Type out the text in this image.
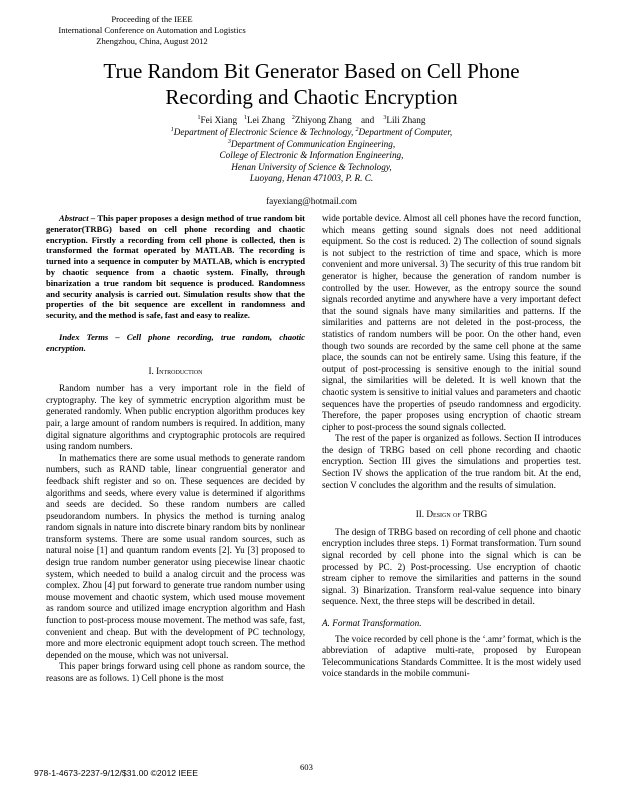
Proceeding of the IEEE
International Conference on Automation and Logistics
Zhengzhou, China, August 2012
True Random Bit Generator Based on Cell Phone
Recording and Chaotic Encryption
$^1$Fei Xiang $^1$Lei Zhang $^2$Zhiyong Zhang and $^3$Lili Zhang
$^1$Department of Electronic Science & Technology, $^2$Department of Computer,
$^3$Department of Communication Engineering,
College of Electronic & Information Engineering,
Henan University of Science & Technology,
Luoyang, Henan 471003, P. R. C.
fayexiang@hotmail.com

Abstract – This paper proposes a design method of true random bit generator(TRBG) based on cell phone recording and chaotic encryption. Firstly a recording from cell phone is collected, then is transformed the format operated by MATLAB. The recording is turned into a sequence in computer by MATLAB, which is encrypted by chaotic sequence from a chaotic system. Finally, through binarization a true random bit sequence is produced. Randomness and security analysis is carried out. Simulation results show that the properties of the bit sequence are excellent in randomness and security, and the method is safe, fast and easy to realize.

Index Terms – Cell phone recording, true random, chaotic encryption.

I. Introduction

Random number has a very important role in the field of cryptography. The key of symmetric encryption algorithm must be generated randomly. When public encryption algorithm produces key pair, a large amount of random numbers is required. In addition, many digital signature algorithms and cryptographic protocols are required using random numbers.

In mathematics there are some usual methods to generate random numbers, such as RAND table, linear congruential generator and feedback shift register and so on. These sequences are decided by algorithms and seeds, where every value is determined if algorithms and seeds are decided. So these random numbers are called pseudorandom numbers. In physics the method is turning analog random signals in nature into discrete binary random bits by nonlinear transform systems. There are some usual random sources, such as natural noise [1] and quantum random events [2]. Yu [3] proposed to design true random number generator using piecewise linear chaotic system, which needed to build a analog circuit and the process was complex. Zhou [4] put forward to generate true random number using mouse movement and chaotic system, which used mouse movement as random source and utilized image encryption algorithm and Hash function to post-process mouse movement. The method was safe, fast, convenient and cheap. But with the development of PC technology, more and more electronic equipment adopt touch screen. The method depended on the mouse, which was not universal.

This paper brings forward using cell phone as random source, the reasons are as follows. 1) Cell phone is the most

wide portable device. Almost all cell phones have the record function, which means getting sound signals does not need additional equipment. So the cost is reduced. 2) The collection of sound signals is not subject to the restriction of time and space, which is more convenient and more universal. 3) The security of this true random bit generator is higher, because the generation of random number is controlled by the user. However, as the entropy source the sound signals recorded anytime and anywhere have a very important defect that the sound signals have many similarities and patterns. If the similarities and patterns are not deleted in the post-process, the statistics of random numbers will be poor. On the other hand, even though two sounds are recorded by the same cell phone at the same place, the sounds can not be entirely same. Using this feature, if the output of post-processing is sensitive enough to the initial sound signal, the similarities will be deleted. It is well known that the chaotic system is sensitive to initial values and parameters and chaotic sequences have the properties of pseudo randomness and ergodicity. Therefore, the paper proposes using encryption of chaotic stream cipher to post-process the sound signals collected.

The rest of the paper is organized as follows. Section II introduces the design of TRBG based on cell phone recording and chaotic encryption. Section III gives the simulations and properties test. Section IV shows the application of the true random bit. At the end, section V concludes the algorithm and the results of simulation.

II. Design of TRBG

The design of TRBG based on recording of cell phone and chaotic encryption includes three steps. 1) Format transformation. Turn sound signal recorded by cell phone into the signal which is can be processed by PC. 2) Post-processing. Use encryption of chaotic stream cipher to remove the similarities and patterns in the sound signal. 3) Binarization. Transform real-value sequence into binary sequence. Next, the three steps will be described in detail.

A. Format Transformation.

The voice recorded by cell phone is the ‘.amr’ format, which is the abbreviation of adaptive multi-rate, proposed by European Telecommunications Standards Committee. It is the most widely used voice standards in the mobile communi-

978-1-4673-2237-9/12/$31.00 ©2012 IEEE
603
